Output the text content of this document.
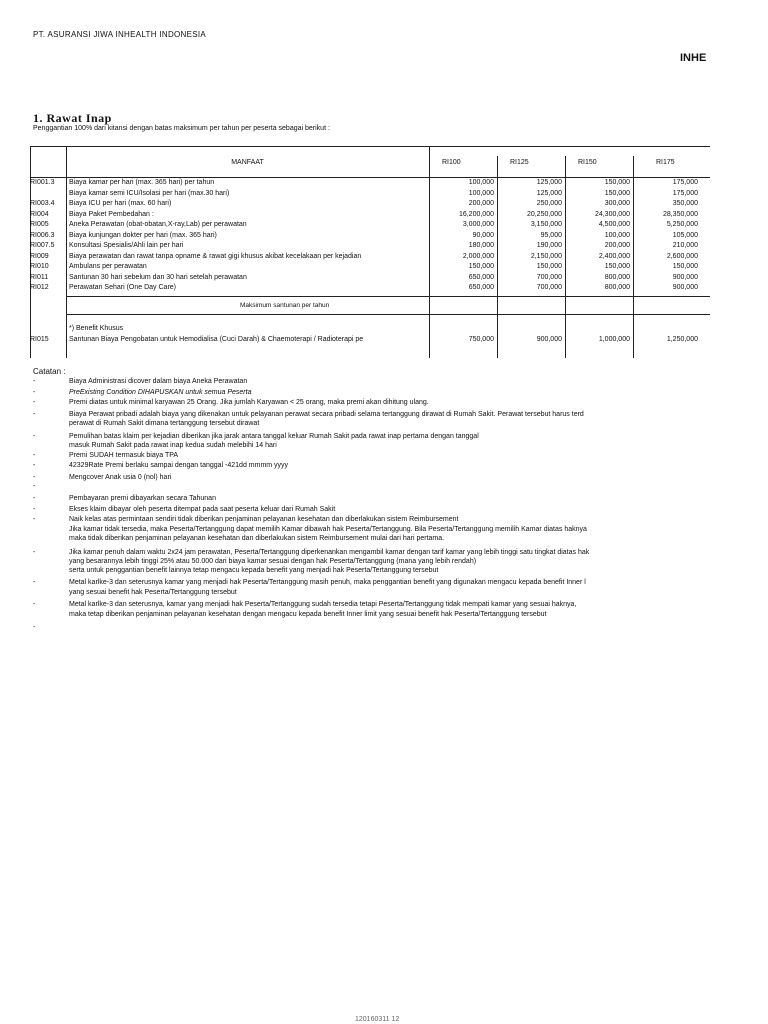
PT. ASURANSI JIWA INHEALTH INDONESIA
INHE
1. Rawat Inap
Penggantian 100% dari kitansi dengan batas maksimum per tahun per peserta sebagai berikut :
MANFAAT	RI100	RI125	RI150	RI175
RI001.3 Biaya kamar per hari (max. 365 hari) per tahun	100,000	125,000	150,000	175,000
Biaya kamar semi ICU/Isolasi per hari (max.30 hari)	100,000	125,000	150,000	175,000
RI003.4 Biaya ICU per hari (max. 60 hari)	200,000	250,000	300,000	350,000
RI004	Biaya Paket Pembedahan :	16,200,000	20,250,000	24,300,000	28,350,000
RI005	Aneka Perawatan (obat-obatan,X-ray,Lab) per perawatan	3,000,000	3,150,000	4,500,000	5,250,000
RI006.3 Biaya kunjungan dokter per hari (max. 365 hari)	90,000	95,000	100,000	105,000
RI007.5 Konsultasi Spesialis/Ahli lain per hari	180,000	190,000	200,000	210,000
RI009	Biaya perawatan dan rawat tanpa opname & rawat gigi khusus akibat kecelakaan per kejadian	2,000,000	2,150,000	2,400,000	2,600,000
RI010	Ambulans per perawatan	150,000	150,000	150,000	150,000
RI011	Santunan 30 hari sebelum dan 30 hari setelah perawatan	650,000	700,000	800,000	900,000
RI012	Perawatan Sehari (One Day Care)	650,000	700,000	800,000	900,000
Maksimum santunan per tahun
*) Benefit Khusus
RI015	Santunan Biaya Pengobatan untuk Hemodialisa (Cuci Darah) & Chaemoterapi / Radioterapi pe	750,000	900,000	1,000,000	1,250,000
Catatan :
-	Biaya Administrasi dicover dalam biaya Aneka Perawatan
-	PreExisting Condition DIHAPUSKAN untuk semua Peserta
-	Premi diatas untuk minimal karyawan 25 Orang. Jika jumlah Karyawan < 25 orang, maka premi akan dihitung ulang.
-	Biaya Perawat pribadi adalah biaya yang dikenakan untuk pelayanan perawat secara pribadi selama tertanggung dirawat di Rumah Sakit. Perawat tersebut harus terd
perawat di Rumah Sakit dimana tertanggung tersebut dirawat
-	Pemulihan batas klaim per kejadian diberikan jika jarak antara tanggal keluar Rumah Sakit pada rawat inap pertama dengan tanggal
masuk Rumah Sakit pada rawat inap kedua sudah melebihi 14 hari
-	Premi SUDAH termasuk biaya TPA
-	42329Rate Premi berlaku sampai dengan tanggal -421dd mmmm yyyy
-	Mengcover Anak usia 0 (nol) hari
-
-	Pembayaran premi dibayarkan secara Tahunan
-	Ekses klaim dibayar oleh peserta ditempat pada saat peserta keluar dari Rumah Sakit
-	Naik kelas atas permintaan sendiri tidak diberikan penjaminan pelayanan kesehatan dan diberlakukan sistem Reimbursement
Jika kamar tidak tersedia, maka Peserta/Tertanggung dapat memilih Kamar dibawah hak Peserta/Tertanggung. Bila Peserta/Tertanggung memilih Kamar diatas haknya
maka tidak diberikan penjaminan pelayanan kesehatan dan diberlakukan sistem Reimbursement mulai dari hari pertama.
-	Jika kamar penuh dalam waktu 2x24 jam perawatan, Peserta/Tertanggung diperkenankan mengambil kamar dengan tarif kamar yang lebih tinggi satu tingkat diatas hak
yang besarannya lebih tinggi 25% atau 50.000 dari biaya kamar sesuai dengan hak Peserta/Tertanggung (mana yang lebih rendah)
serta untuk penggantian benefit lainnya tetap mengacu kepada benefit yang menjadi hak Peserta/Tertanggung tersebut
-	Metal karlke-3 dan seterusnya kamar yang menjadi hak Peserta/Tertanggung masih penuh, maka penggantian benefit yang digunakan mengacu kepada benefit Inner l
yang sesuai benefit hak Peserta/Tertanggung tersebut
-	Metal karlke-3 dan seterusnya, kamar yang menjadi hak Peserta/Tertanggung sudah tersedia tetapi Peserta/Tertanggung tidak mempati kamar yang sesuai haknya,
maka tetap diberikan penjaminan pelayanan kesehatan dengan mengacu kepada benefit Inner limit yang sesuai benefit hak Peserta/Tertanggung tersebut
-
120160311 12
